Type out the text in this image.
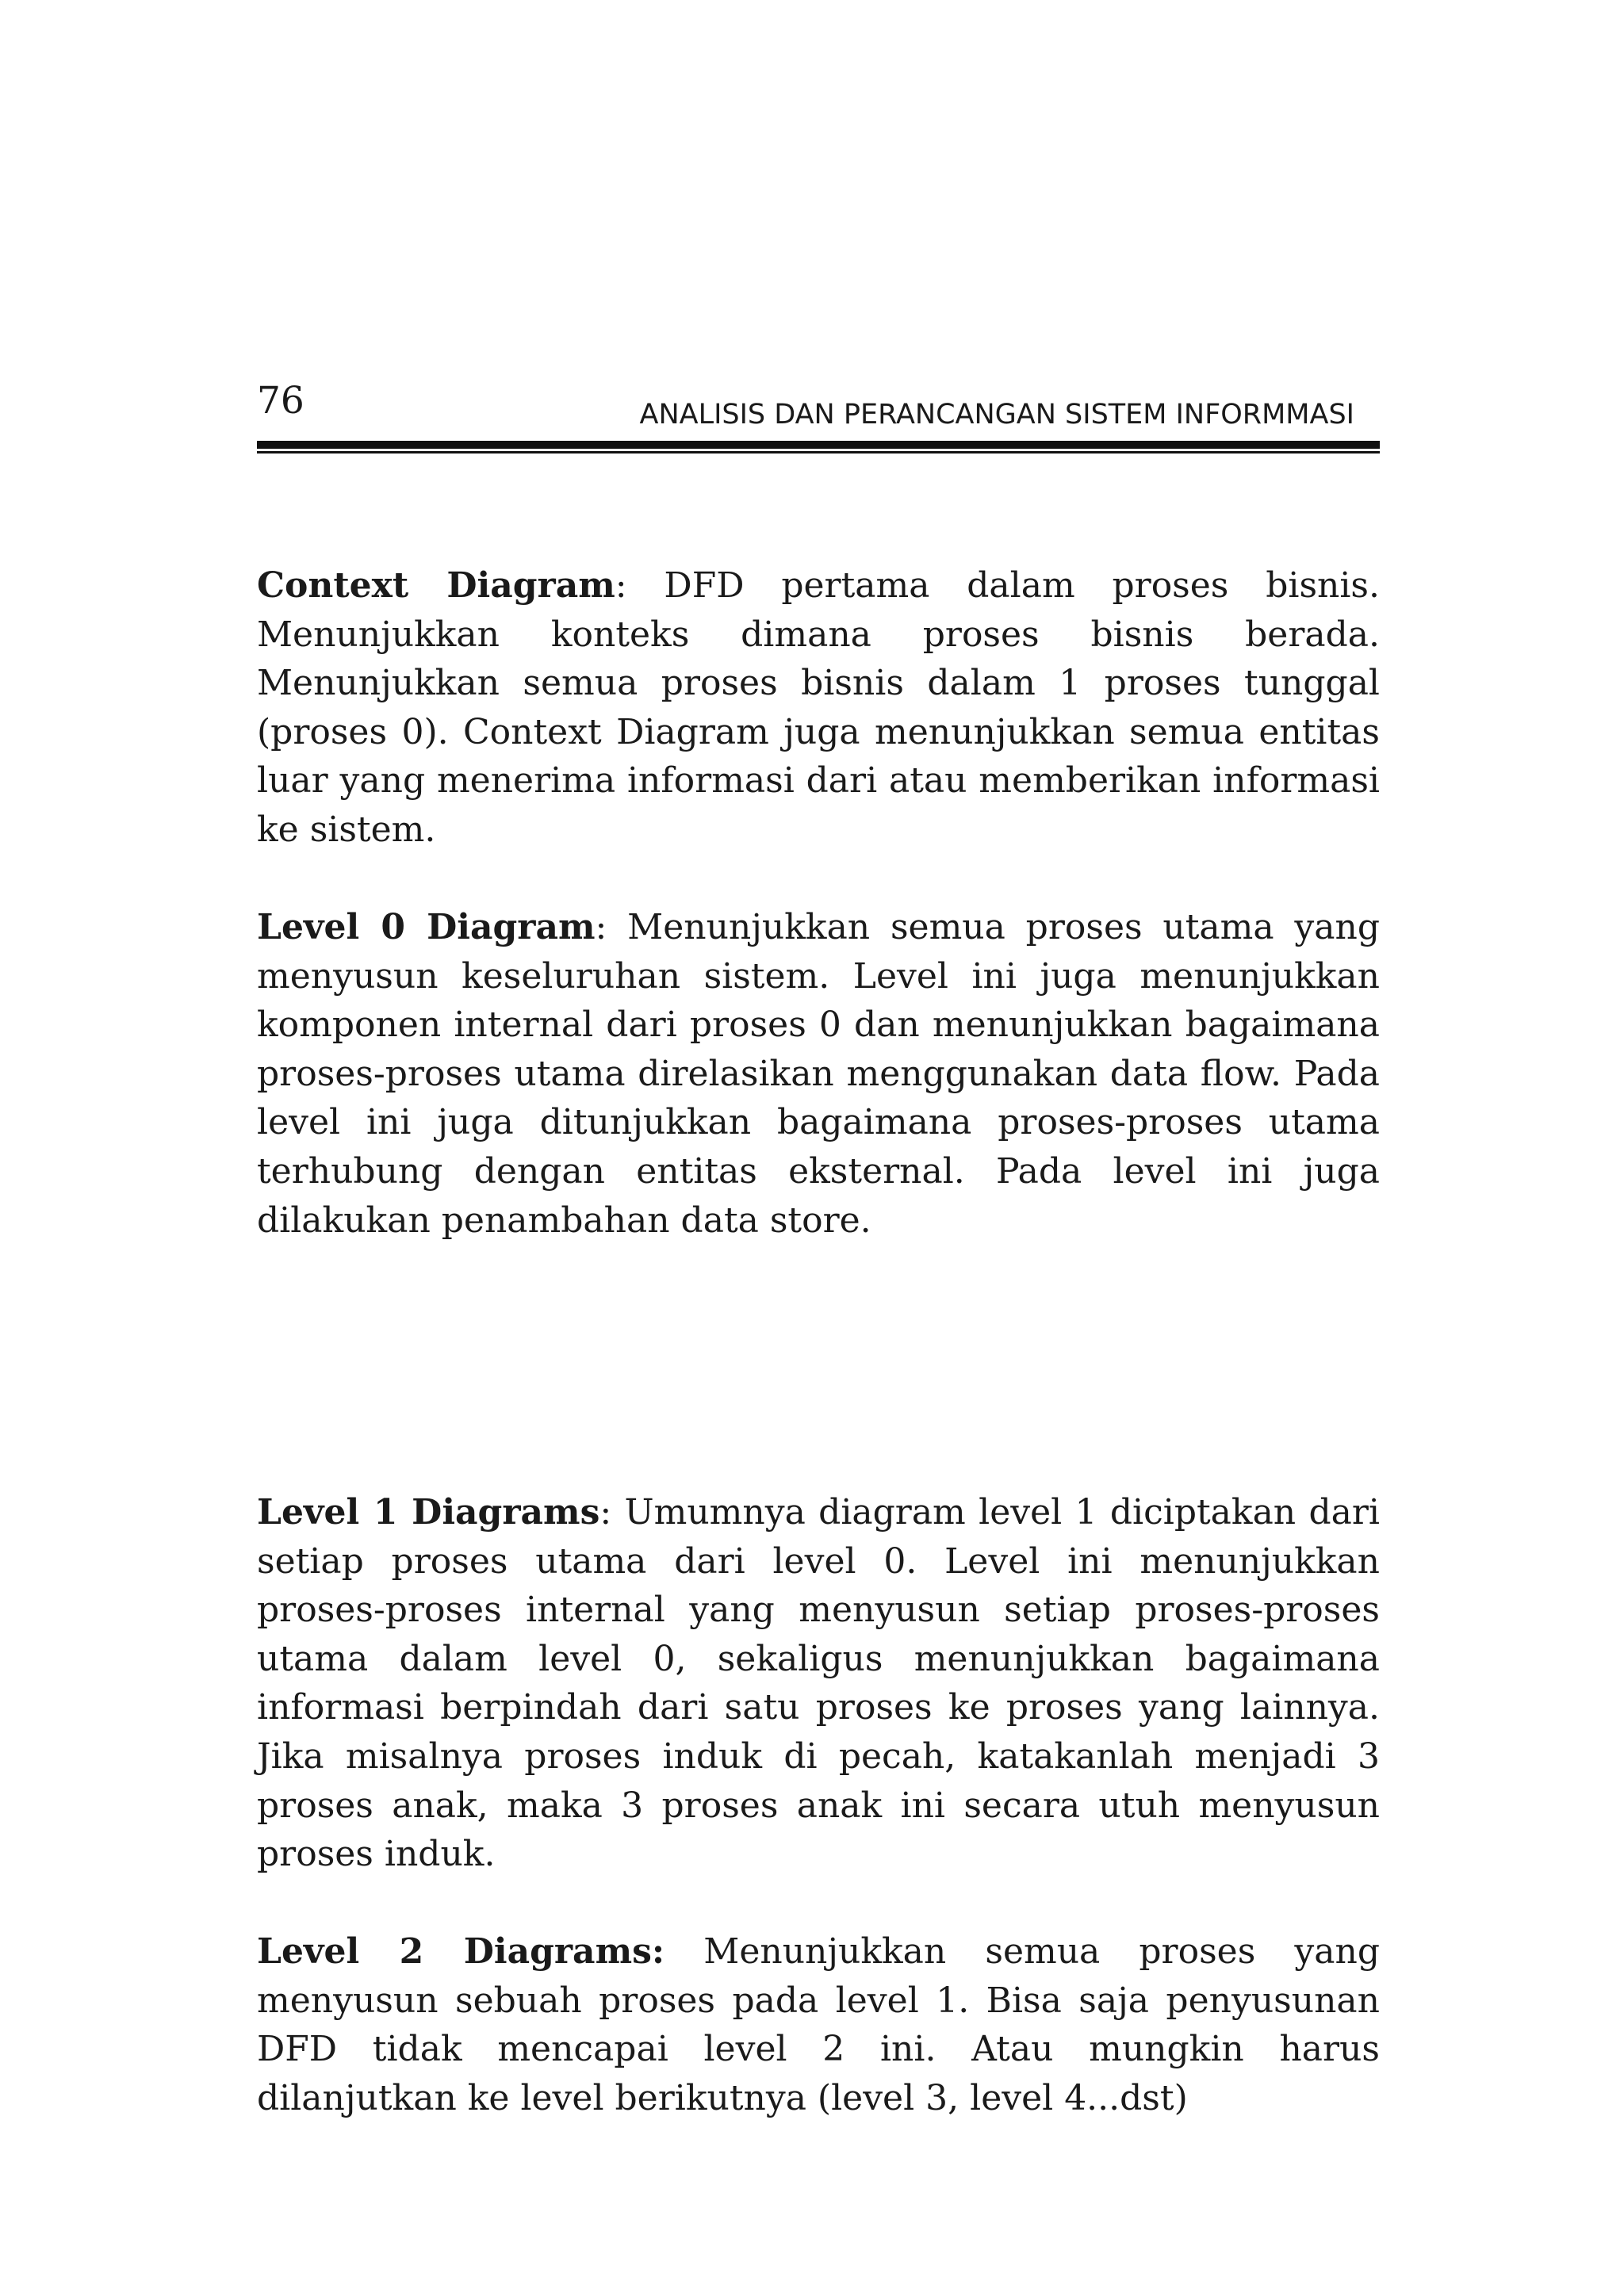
76	ANALISIS DAN PERANCANGAN SISTEM INFORMMASI

Context Diagram: DFD pertama dalam proses bisnis. Menunjukkan konteks dimana proses bisnis berada. Menunjukkan semua proses bisnis dalam 1 proses tunggal (proses 0). Context Diagram juga menunjukkan semua entitas luar yang menerima informasi dari atau memberikan informasi ke sistem.

Level 0 Diagram: Menunjukkan semua proses utama yang menyusun keseluruhan sistem. Level ini juga menunjukkan komponen internal dari proses 0 dan menunjukkan bagaimana proses-proses utama direlasikan menggunakan data flow. Pada level ini juga ditunjukkan bagaimana proses-proses utama terhubung dengan entitas eksternal. Pada level ini juga dilakukan penambahan data store.

Level 1 Diagrams: Umumnya diagram level 1 diciptakan dari setiap proses utama dari level 0. Level ini menunjukkan proses-proses internal yang menyusun setiap proses-proses utama dalam level 0, sekaligus menunjukkan bagaimana informasi berpindah dari satu proses ke proses yang lainnya. Jika misalnya proses induk di pecah, katakanlah menjadi 3 proses anak, maka 3 proses anak ini secara utuh menyusun proses induk.

Level 2 Diagrams: Menunjukkan semua proses yang menyusun sebuah proses pada level 1. Bisa saja penyusunan DFD tidak mencapai level 2 ini. Atau mungkin harus dilanjutkan ke level berikutnya (level 3, level 4...dst)
